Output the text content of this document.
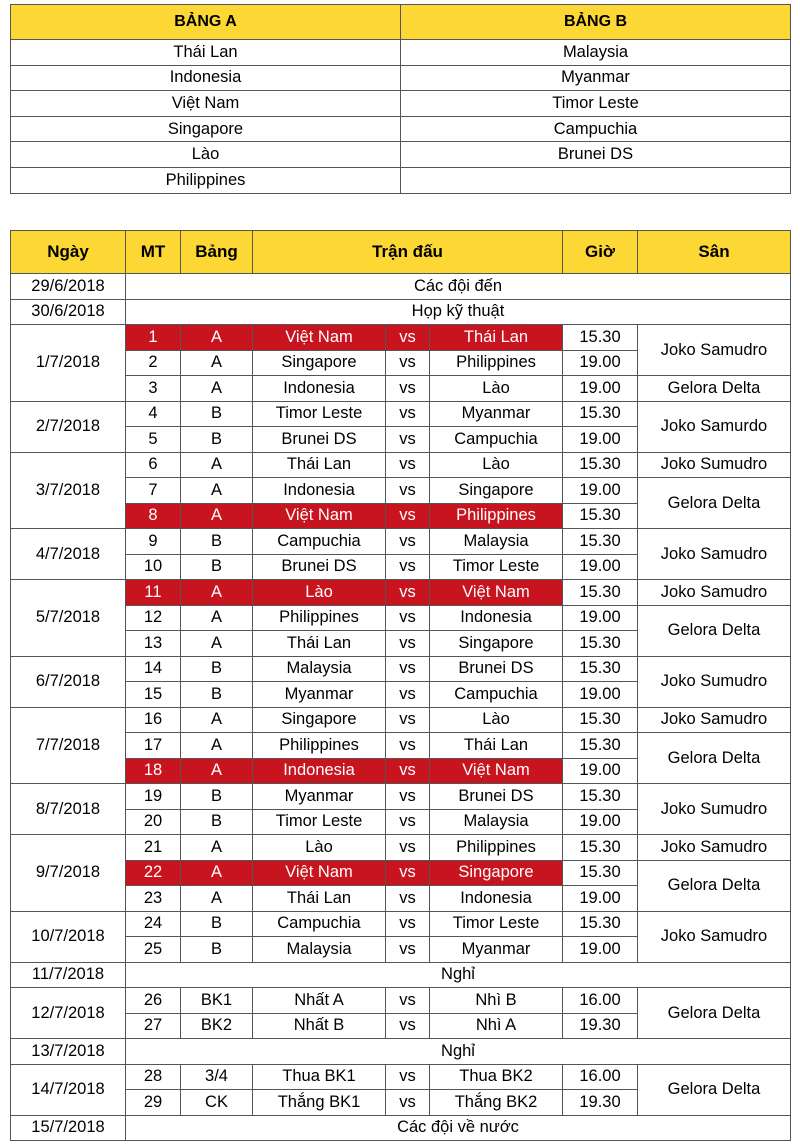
BẢNG A	BẢNG B
Thái Lan	Malaysia
Indonesia	Myanmar
Việt Nam	Timor Leste
Singapore	Campuchia
Lào	Brunei DS
Philippines	
Ngày	MT	Bảng	Trận đấu			Giờ	Sân
29/6/2018	Các đội đến						
30/6/2018	Họp kỹ thuật						
1/7/2018	1	A	Việt Nam	vs	Thái Lan	15.30	Joko Samudro
	2	A	Singapore	vs	Philippines	19.00	
	3	A	Indonesia	vs	Lào	19.00	Gelora Delta
2/7/2018	4	B	Timor Leste	vs	Myanmar	15.30	Joko Samurdo
	5	B	Brunei DS	vs	Campuchia	19.00	
3/7/2018	6	A	Thái Lan	vs	Lào	15.30	Joko Sumudro
	7	A	Indonesia	vs	Singapore	19.00	Gelora Delta
	8	A	Việt Nam	vs	Philippines	15.30	
4/7/2018	9	B	Campuchia	vs	Malaysia	15.30	Joko Samudro
	10	B	Brunei DS	vs	Timor Leste	19.00	
5/7/2018	11	A	Lào	vs	Việt Nam	15.30	Joko Samudro
	12	A	Philippines	vs	Indonesia	19.00	Gelora Delta
	13	A	Thái Lan	vs	Singapore	15.30	
6/7/2018	14	B	Malaysia	vs	Brunei DS	15.30	Joko Sumudro
	15	B	Myanmar	vs	Campuchia	19.00	
7/7/2018	16	A	Singapore	vs	Lào	15.30	Joko Samudro
	17	A	Philippines	vs	Thái Lan	15.30	Gelora Delta
	18	A	Indonesia	vs	Việt Nam	19.00	
8/7/2018	19	B	Myanmar	vs	Brunei DS	15.30	Joko Sumudro
	20	B	Timor Leste	vs	Malaysia	19.00	
9/7/2018	21	A	Lào	vs	Philippines	15.30	Joko Samudro
	22	A	Việt Nam	vs	Singapore	15.30	Gelora Delta
	23	A	Thái Lan	vs	Indonesia	19.00	
10/7/2018	24	B	Campuchia	vs	Timor Leste	15.30	Joko Samudro
	25	B	Malaysia	vs	Myanmar	19.00	
11/7/2018	Nghỉ						
12/7/2018	26	BK1	Nhất A	vs	Nhì B	16.00	Gelora Delta
	27	BK2	Nhất B	vs	Nhì A	19.30	
13/7/2018	Nghỉ						
14/7/2018	28	3/4	Thua BK1	vs	Thua BK2	16.00	Gelora Delta
	29	CK	Thắng BK1	vs	Thắng BK2	19.30	
15/7/2018	Các đội về nước						
